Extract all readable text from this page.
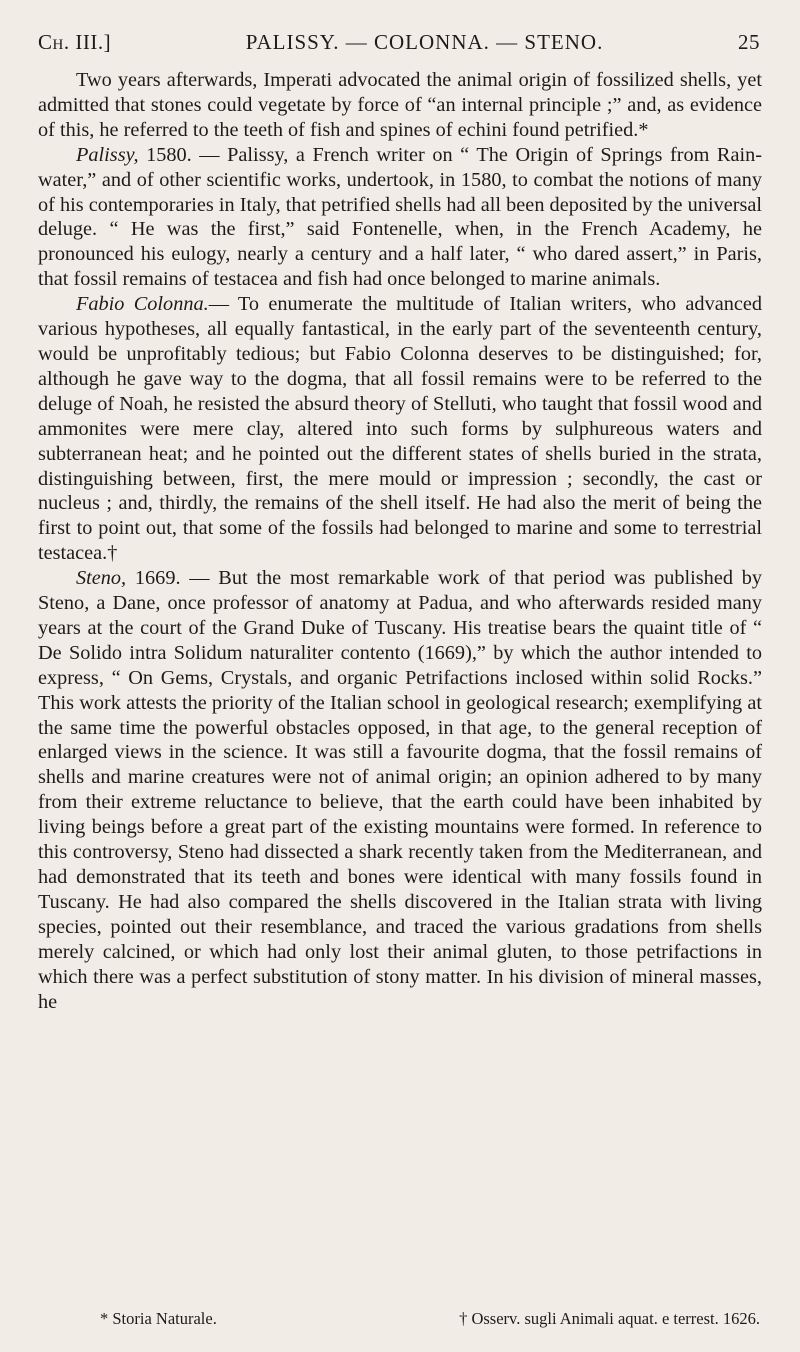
Ch. III.]	PALISSY. — COLONNA. — STENO.	25

Two years afterwards, Imperati advocated the animal origin of fossilized shells, yet admitted that stones could vegetate by force of “an internal principle ;” and, as evidence of this, he referred to the teeth of fish and spines of echini found petrified.*

Palissy, 1580. — Palissy, a French writer on “ The Origin of Springs from Rain-water,” and of other scientific works, undertook, in 1580, to combat the notions of many of his contemporaries in Italy, that petrified shells had all been deposited by the universal deluge. “ He was the first,” said Fontenelle, when, in the French Academy, he pronounced his eulogy, nearly a century and a half later, “ who dared assert,” in Paris, that fossil remains of testacea and fish had once belonged to marine animals.

Fabio Colonna.— To enumerate the multitude of Italian writers, who advanced various hypotheses, all equally fantastical, in the early part of the seventeenth century, would be unprofitably tedious; but Fabio Colonna deserves to be distinguished; for, although he gave way to the dogma, that all fossil remains were to be referred to the deluge of Noah, he resisted the absurd theory of Stelluti, who taught that fossil wood and ammonites were mere clay, altered into such forms by sulphureous waters and subterranean heat; and he pointed out the different states of shells buried in the strata, distinguishing between, first, the mere mould or impression ; secondly, the cast or nucleus ; and, thirdly, the remains of the shell itself. He had also the merit of being the first to point out, that some of the fossils had belonged to marine and some to terrestrial testacea.†

Steno, 1669. — But the most remarkable work of that period was published by Steno, a Dane, once professor of anatomy at Padua, and who afterwards resided many years at the court of the Grand Duke of Tuscany. His treatise bears the quaint title of “ De Solido intra Solidum naturaliter contento (1669),” by which the author intended to express, “ On Gems, Crystals, and organic Petrifactions inclosed within solid Rocks.” This work attests the priority of the Italian school in geological research; exemplifying at the same time the powerful obstacles opposed, in that age, to the general reception of enlarged views in the science. It was still a favourite dogma, that the fossil remains of shells and marine creatures were not of animal origin; an opinion adhered to by many from their extreme reluctance to believe, that the earth could have been inhabited by living beings before a great part of the existing mountains were formed. In reference to this controversy, Steno had dissected a shark recently taken from the Mediterranean, and had demonstrated that its teeth and bones were identical with many fossils found in Tuscany. He had also compared the shells discovered in the Italian strata with living species, pointed out their resemblance, and traced the various gradations from shells merely calcined, or which had only lost their animal gluten, to those petrifactions in which there was a perfect substitution of stony matter. In his division of mineral masses, he

* Storia Naturale.	† Osserv. sugli Animali aquat. e terrest. 1626.
